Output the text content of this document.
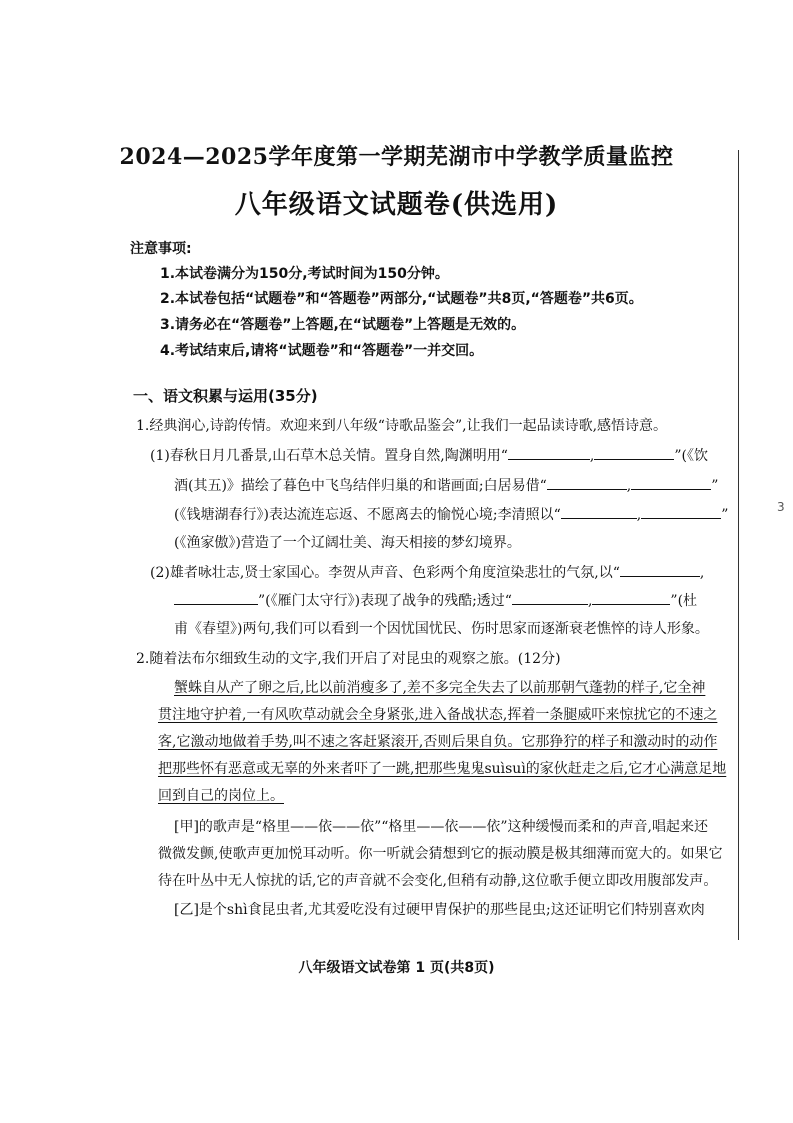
3
2024—2025学年度第一学期芜湖市中学教学质量监控
八年级语文试题卷(供选用)
注意事项:
1.本试卷满分为150分,考试时间为150分钟。
2.本试卷包括“试题卷”和“答题卷”两部分,“试题卷”共8页,“答题卷”共6页。
3.请务必在“答题卷”上答题,在“试题卷”上答题是无效的。
4.考试结束后,请将“试题卷”和“答题卷”一并交回。
一、语文积累与运用(35分)
1.经典润心,诗韵传情。欢迎来到八年级“诗歌品鉴会”,让我们一起品读诗歌,感悟诗意。
(1)春秋日月几番景,山石草木总关情。置身自然,陶渊明用“	,	”(《饮
酒(其五)》描绘了暮色中飞鸟结伴归巢的和谐画面;白居易借“	,	”
(《钱塘湖春行》)表达流连忘返、不愿离去的愉悦心境;李清照以“	,	”
(《渔家傲》)营造了一个辽阔壮美、海天相接的梦幻境界。
(2)雄者咏壮志,贤士家国心。李贺从声音、色彩两个角度渲染悲壮的气氛,以“	,
”(《雁门太守行》)表现了战争的残酷;透过“	,	”(杜
甫《春望》)两句,我们可以看到一个因忧国忧民、伤时思家而逐渐衰老憔悴的诗人形象。
2.随着法布尔细致生动的文字,我们开启了对昆虫的观察之旅。(12分)
蟹蛛自从产了卵之后,比以前消瘦多了,差不多完全失去了以前那朝气蓬勃的样子,它全神
贯注地守护着,一有风吹草动就会全身紧张,进入备战状态,挥着一条腿威吓来惊扰它的不速之
客,它激动地做着手势,叫不速之客赶紧滚开,否则后果自负。它那狰狞的样子和激动时的动作
把那些怀有恶意或无辜的外来者吓了一跳,把那些鬼鬼suìsuì的家伙赶走之后,它才心满意足地
回到自己的岗位上。
[甲]的歌声是“格里——依——依”“格里——依——依”这种缓慢而柔和的声音,唱起来还
微微发颤,使歌声更加悦耳动听。你一听就会猜想到它的振动膜是极其细薄而宽大的。如果它
待在叶丛中无人惊扰的话,它的声音就不会变化,但稍有动静,这位歌手便立即改用腹部发声。
[乙]是个shì食昆虫者,尤其爱吃没有过硬甲胄保护的那些昆虫;这还证明它们特别喜欢肉
八年级语文试卷第 1 页(共8页)
